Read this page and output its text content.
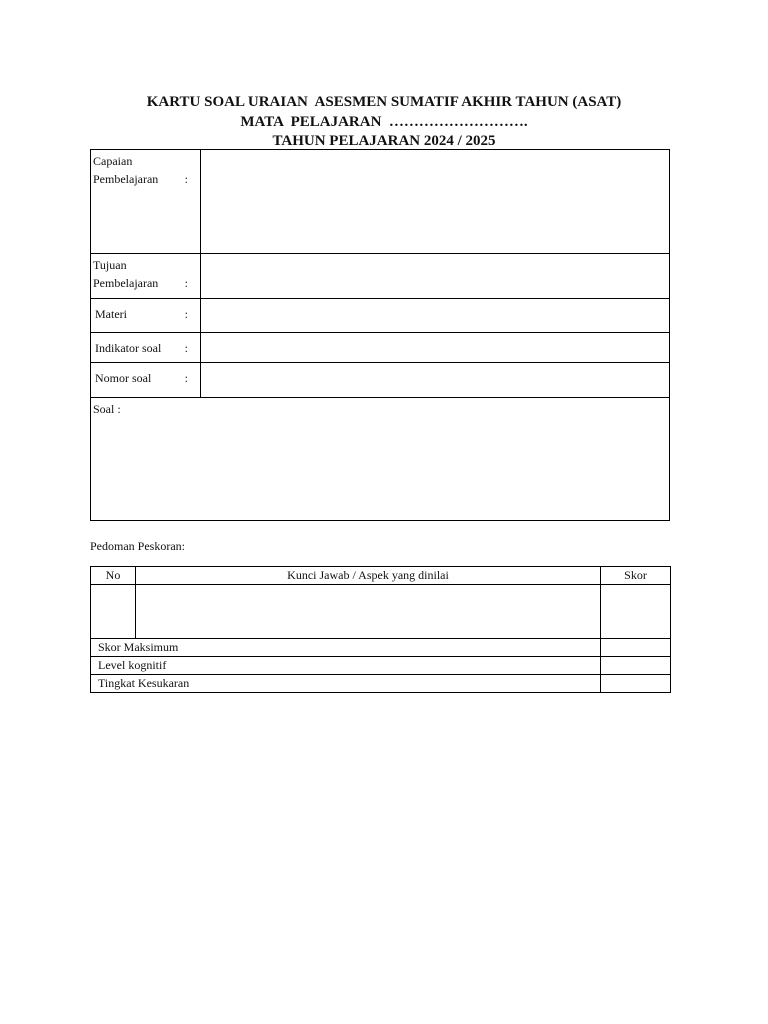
KARTU SOAL URAIAN  ASESMEN SUMATIF AKHIR TAHUN (ASAT)
MATA  PELAJARAN  ……………………….
TAHUN PELAJARAN 2024 / 2025
Capaian
Pembelajaran :	

Tujuan
Pembelajaran :	

Materi :	

Indikator soal :	

Nomor soal :	

Soal :	
Pedoman Peskoran:
No	Kunci Jawab / Aspek yang dinilai	Skor

Skor Maksimum		
Level kognitif		
Tingkat Kesukaran		
